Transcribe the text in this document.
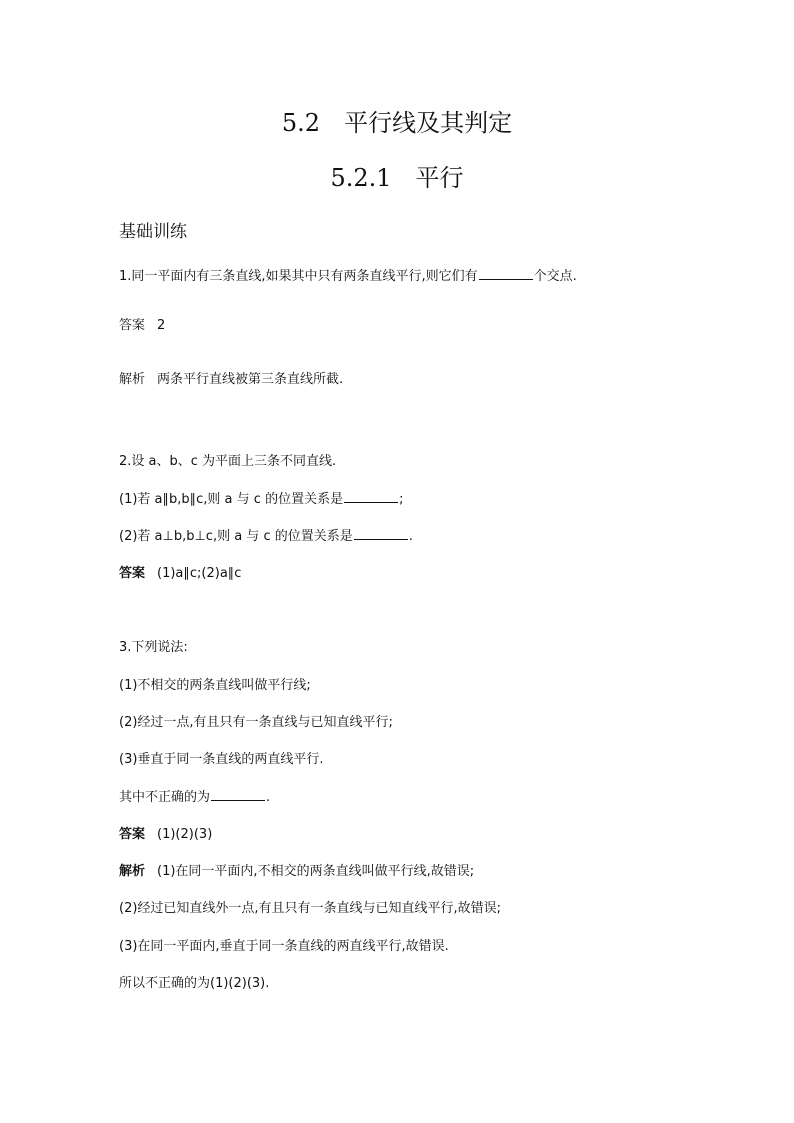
5.2　平行线及其判定
5.2.1　平行
基础训练
1.同一平面内有三条直线,如果其中只有两条直线平行,则它们有	个交点.
答案 2
解析 两条平行直线被第三条直线所截.
2.设 a、b、c 为平面上三条不同直线.
(1)若 a∥b,b∥c,则 a 与 c 的位置关系是	;
(2)若 a⊥b,b⊥c,则 a 与 c 的位置关系是	.
答案 (1)a∥c;(2)a∥c
3.下列说法:
(1)不相交的两条直线叫做平行线;
(2)经过一点,有且只有一条直线与已知直线平行;
(3)垂直于同一条直线的两直线平行.
其中不正确的为	.
答案 (1)(2)(3)
解析 (1)在同一平面内,不相交的两条直线叫做平行线,故错误;
(2)经过已知直线外一点,有且只有一条直线与已知直线平行,故错误;
(3)在同一平面内,垂直于同一条直线的两直线平行,故错误.
所以不正确的为(1)(2)(3).
